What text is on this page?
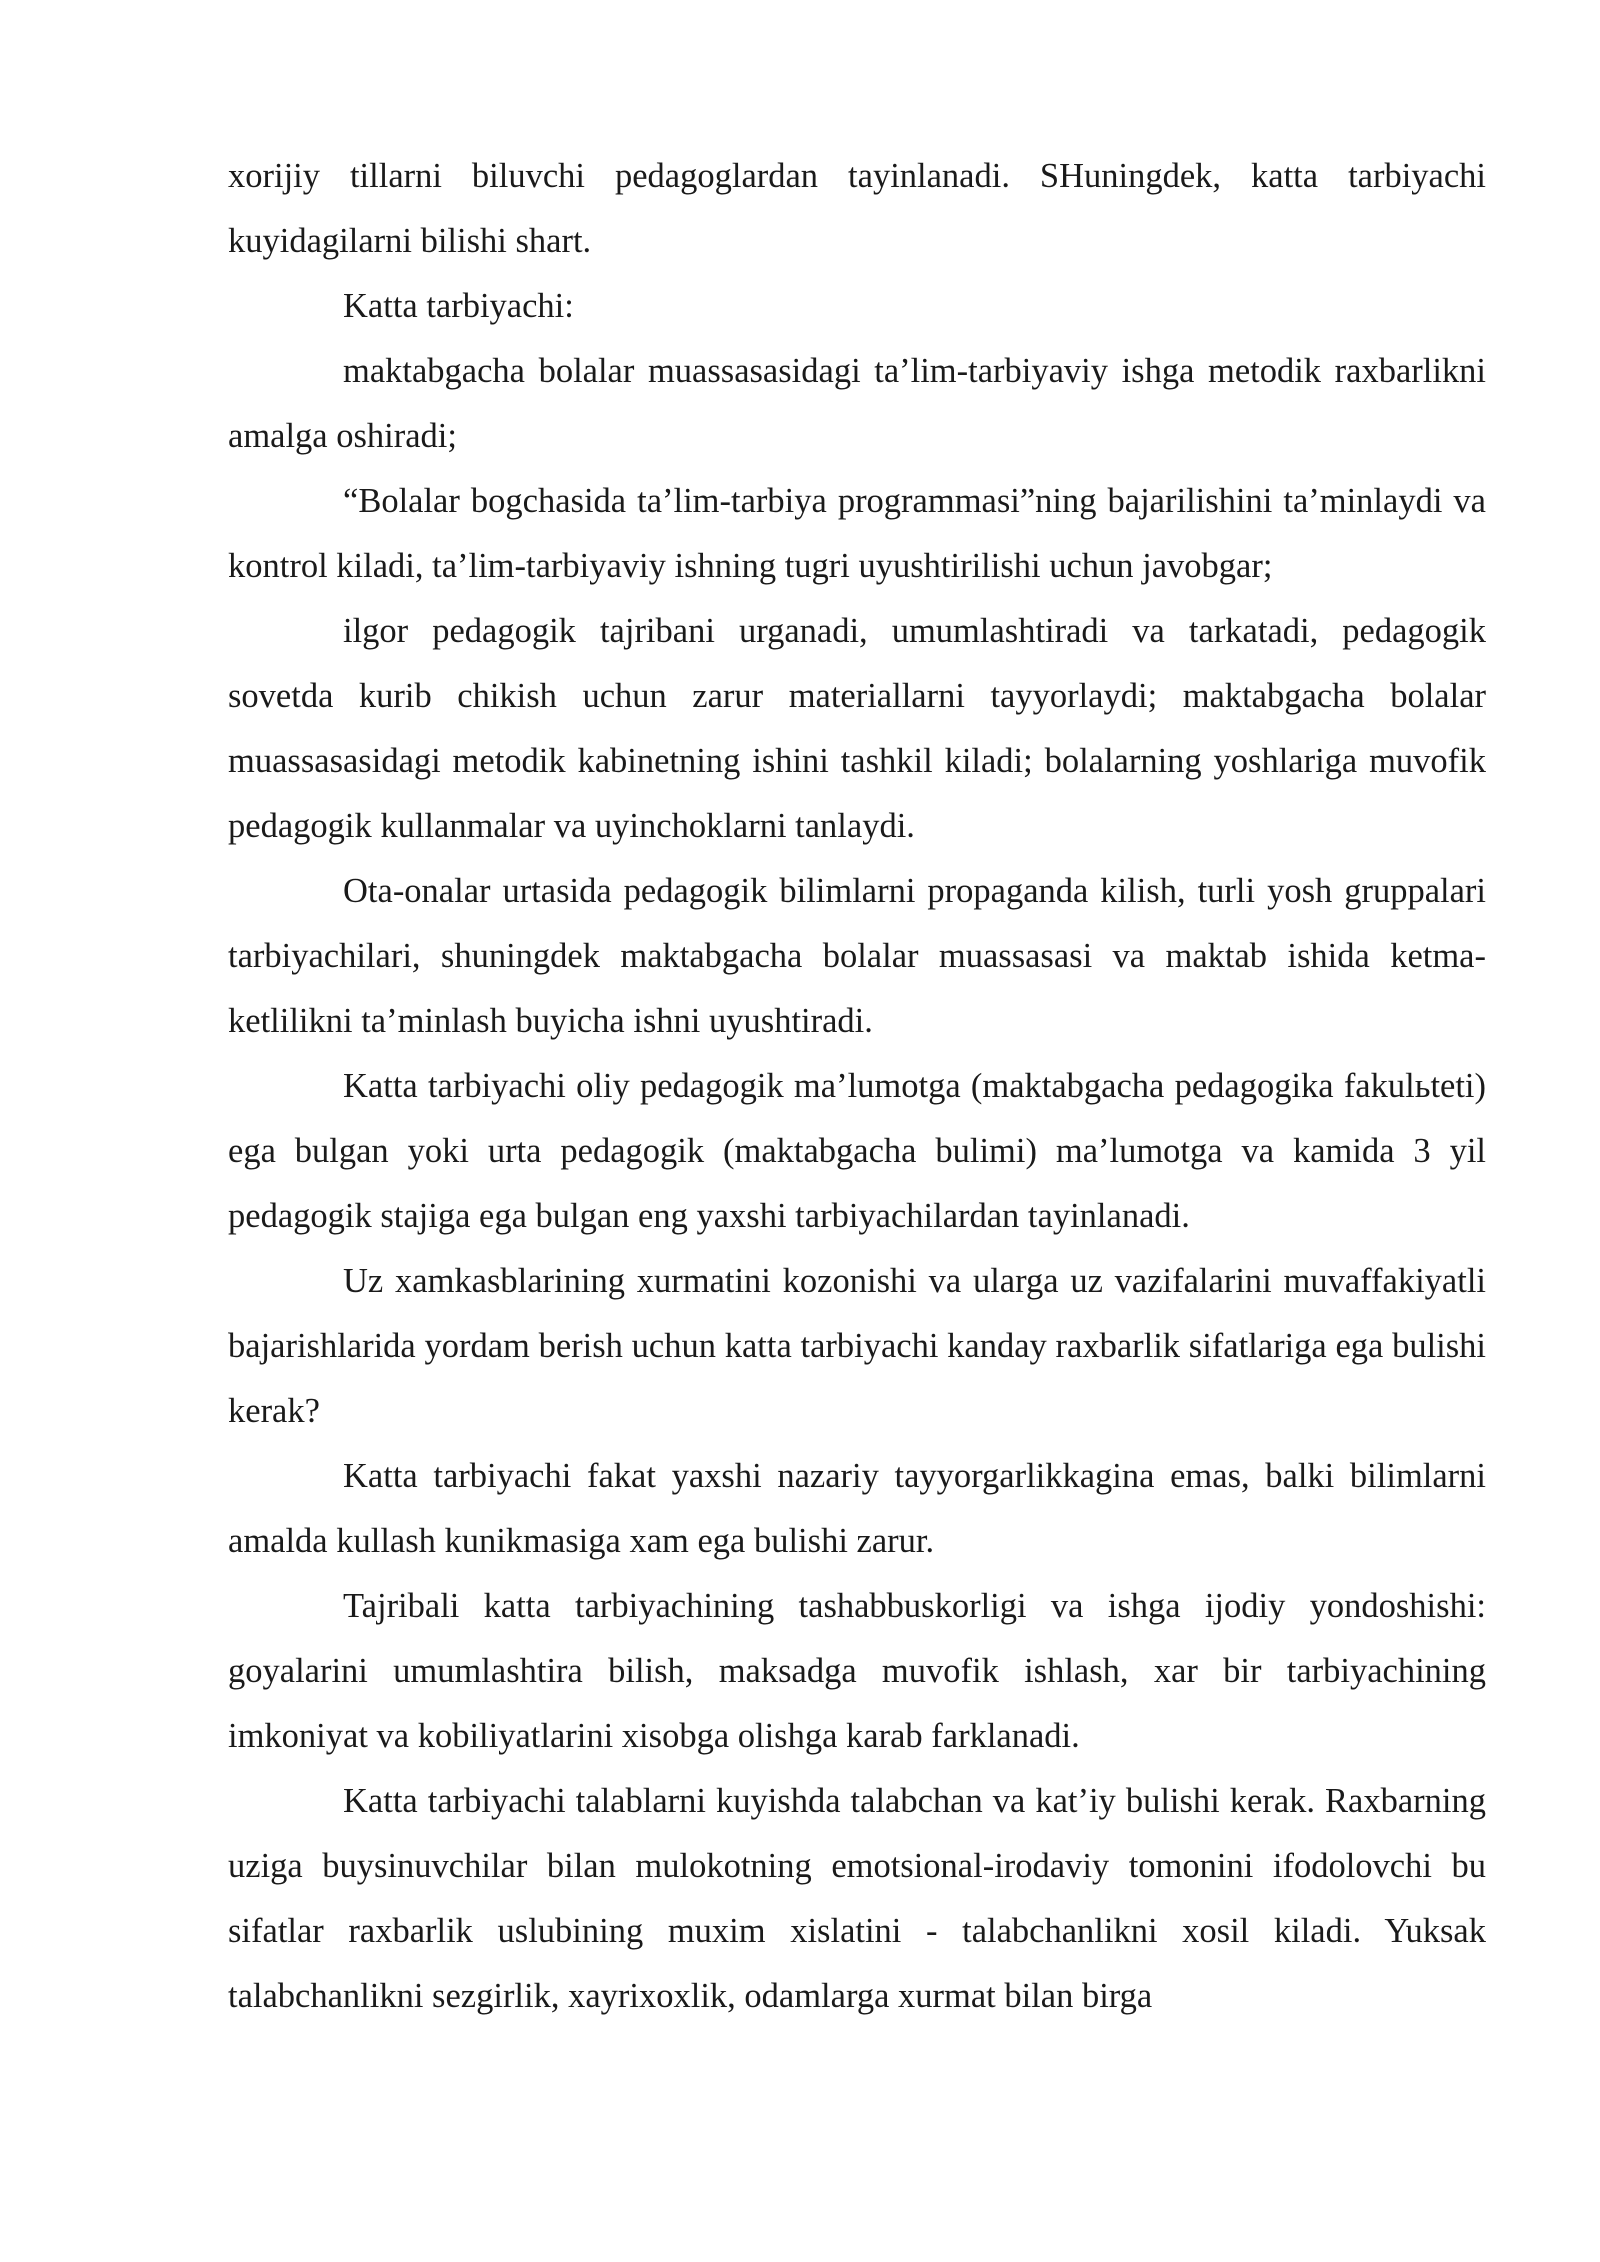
xorijiy tillarni biluvchi pedagoglardan tayinlanadi. SHuningdek, katta tarbiyachi kuyidagilarni bilishi shart.

Katta tarbiyachi:

maktabgacha bolalar muassasasidagi ta’lim-tarbiyaviy ishga metodik raxbarlikni amalga oshiradi;

“Bolalar bogchasida ta’lim-tarbiya programmasi”ning bajarilishini ta’minlaydi va kontrol kiladi, ta’lim-tarbiyaviy ishning tugri uyushtirilishi uchun javobgar;

ilgor pedagogik tajribani urganadi, umumlashtiradi va tarkatadi, pedagogik sovetda kurib chikish uchun zarur materiallarni tayyorlaydi; maktabgacha bolalar muassasasidagi metodik kabinetning ishini tashkil kiladi; bolalarning yoshlariga muvofik pedagogik kullanmalar va uyinchoklarni tanlaydi.

Ota-onalar urtasida pedagogik bilimlarni propaganda kilish, turli yosh gruppalari tarbiyachilari, shuningdek maktabgacha bolalar muassasasi va maktab ishida ketma-ketlilikni ta’minlash buyicha ishni uyushtiradi.

Katta tarbiyachi oliy pedagogik ma’lumotga (maktabgacha pedagogika fakulьteti) ega bulgan yoki urta pedagogik (maktabgacha bulimi) ma’lumotga va kamida 3 yil pedagogik stajiga ega bulgan eng yaxshi tarbiyachilardan tayinlanadi.

Uz xamkasblarining xurmatini kozonishi va ularga uz vazifalarini muvaffakiyatli bajarishlarida yordam berish uchun katta tarbiyachi kanday raxbarlik sifatlariga ega bulishi kerak?

Katta tarbiyachi fakat yaxshi nazariy tayyorgarlikkagina emas, balki bilimlarni amalda kullash kunikmasiga xam ega bulishi zarur.

Tajribali katta tarbiyachining tashabbuskorligi va ishga ijodiy yondoshishi: goyalarini umumlashtira bilish, maksadga muvofik ishlash, xar bir tarbiyachining imkoniyat va kobiliyatlarini xisobga olishga karab farklanadi.

Katta tarbiyachi talablarni kuyishda talabchan va kat’iy bulishi kerak. Raxbarning uziga buysinuvchilar bilan mulokotning emotsional-irodaviy tomonini ifodolovchi bu sifatlar raxbarlik uslubining muxim xislatini - talabchanlikni xosil kiladi. Yuksak talabchanlikni sezgirlik, xayrixoxlik, odamlarga xurmat bilan birga
